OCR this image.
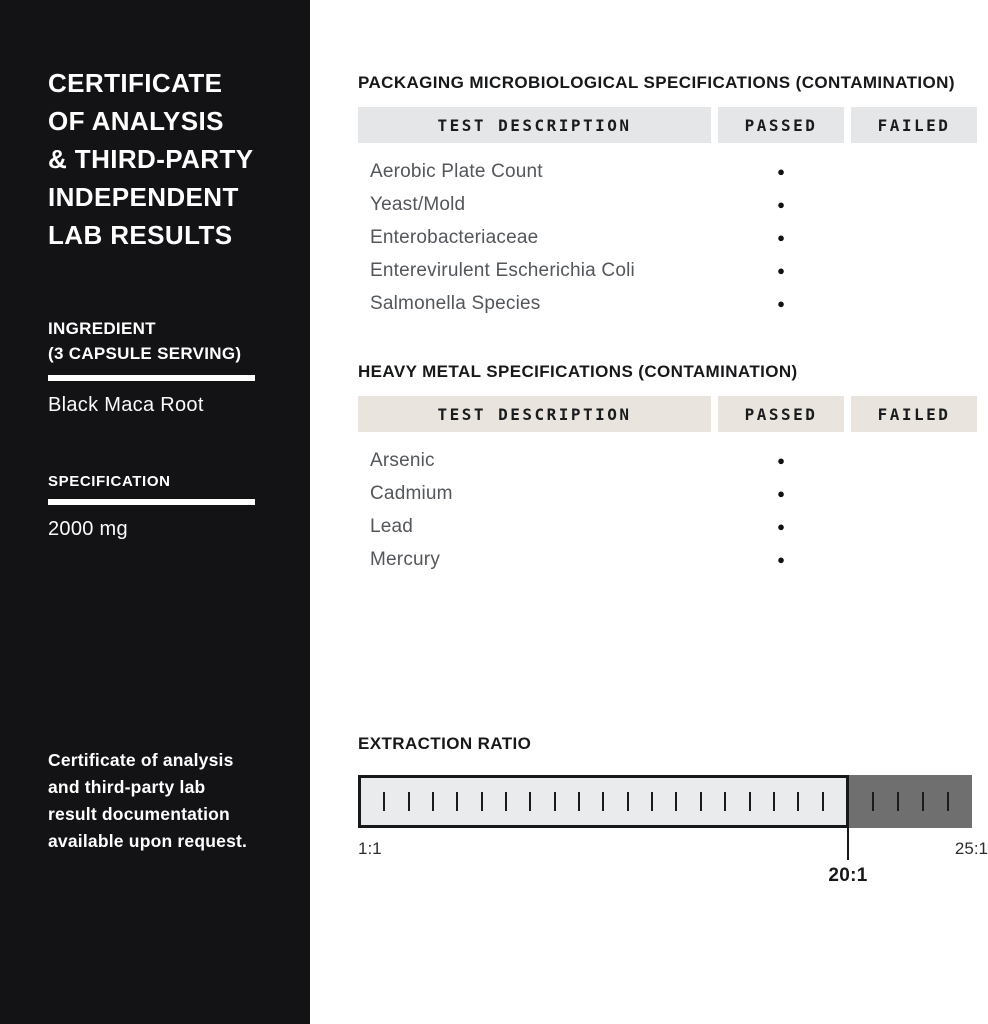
CERTIFICATE
OF ANALYSIS
& THIRD-PARTY
INDEPENDENT
LAB RESULTS
INGREDIENT
(3 CAPSULE SERVING)
Black Maca Root
SPECIFICATION
2000 mg
Certificate of analysis
and third-party lab
result documentation
available upon request.
PACKAGING MICROBIOLOGICAL SPECIFICATIONS (CONTAMINATION)
TEST DESCRIPTION	PASSED	FAILED
Aerobic Plate Count	●
Yeast/Mold	●
Enterobacteriaceae	●
Enterevirulent Escherichia Coli	●
Salmonella Species	●
HEAVY METAL SPECIFICATIONS (CONTAMINATION)
TEST DESCRIPTION	PASSED	FAILED
Arsenic	●
Cadmium	●
Lead	●
Mercury	●
EXTRACTION RATIO
1:1	25:1
20:1
